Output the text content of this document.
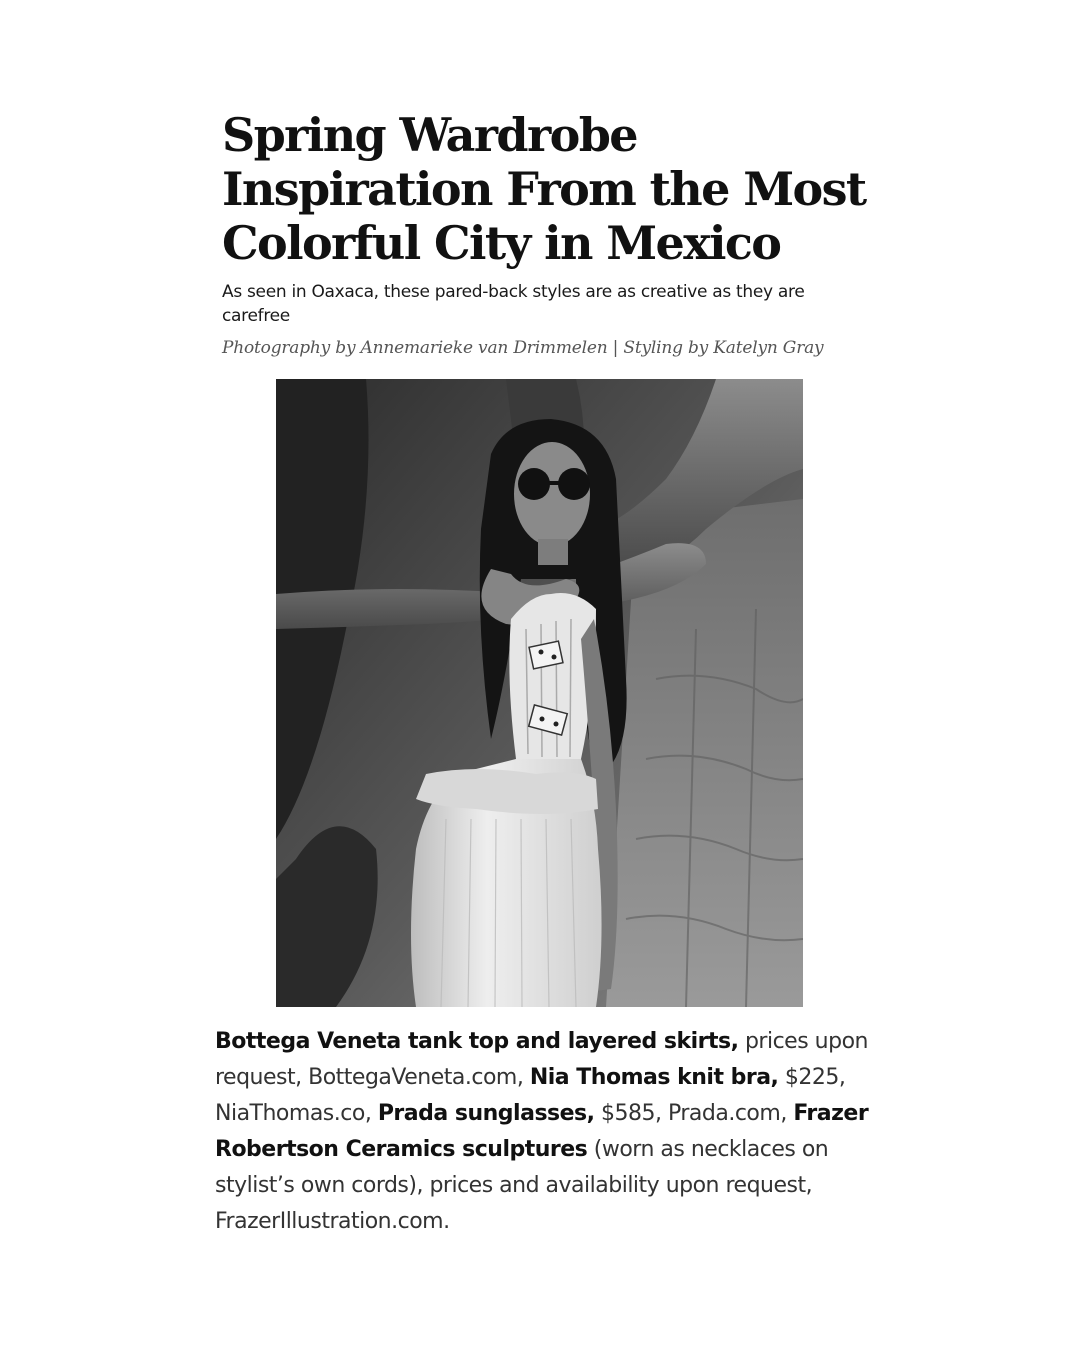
Spring Wardrobe Inspiration From the Most Colorful City in Mexico

As seen in Oaxaca, these pared-back styles are as creative as they are carefree

Photography by Annemarieke van Drimmelen | Styling by Katelyn Gray

Bottega Veneta tank top and layered skirts, prices upon request, BottegaVeneta.com, Nia Thomas knit bra, $225, NiaThomas.co, Prada sunglasses, $585, Prada.com, Frazer Robertson Ceramics sculptures (worn as necklaces on stylist’s own cords), prices and availability upon request, FrazerIllustration.com.
